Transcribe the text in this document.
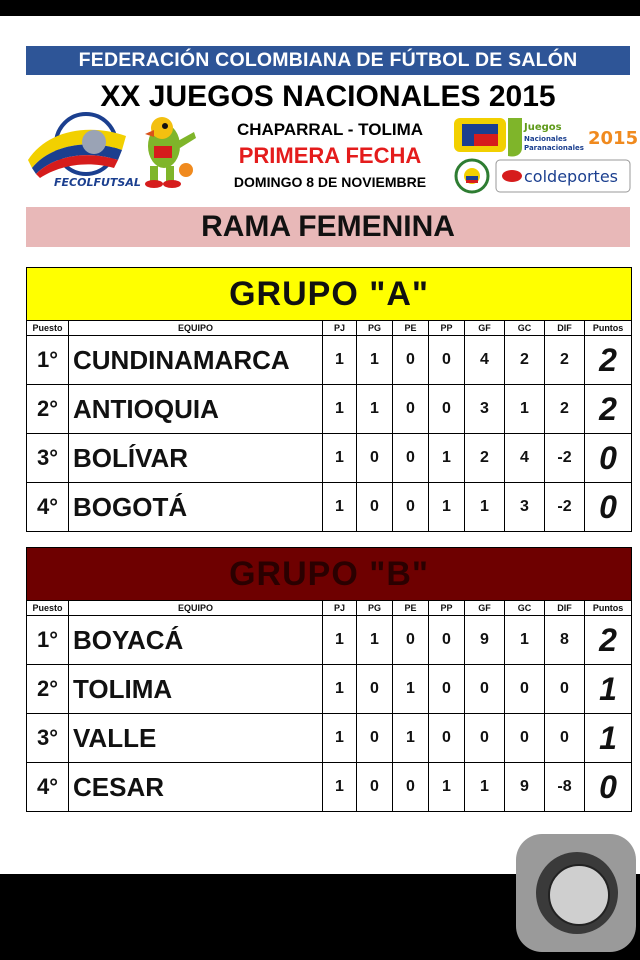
FEDERACIÓN COLOMBIANA DE FÚTBOL DE SALÓN
XX JUEGOS NACIONALES 2015
FECOLFUTSAL
CHAPARRAL - TOLIMA
PRIMERA FECHA
DOMINGO 8 DE NOVIEMBRE
Juegos
Nacionales
Paranacionales 2015
coldeportes
RAMA FEMENINA
GRUPO "A"									
Puesto	EQUIPO	PJ	PG	PE	PP	GF	GC	DIF	Puntos
1°	CUNDINAMARCA	1	1	0	0	4	2	2	2
2°	ANTIOQUIA	1	1	0	0	3	1	2	2
3°	BOLÍVAR	1	0	0	1	2	4	-2	0
4°	BOGOTÁ	1	0	0	1	1	3	-2	0
GRUPO "B"									
Puesto	EQUIPO	PJ	PG	PE	PP	GF	GC	DIF	Puntos
1°	BOYACÁ	1	1	0	0	9	1	8	2
2°	TOLIMA	1	0	1	0	0	0	0	1
3°	VALLE	1	0	1	0	0	0	0	1
4°	CESAR	1	0	0	1	1	9	-8	0
